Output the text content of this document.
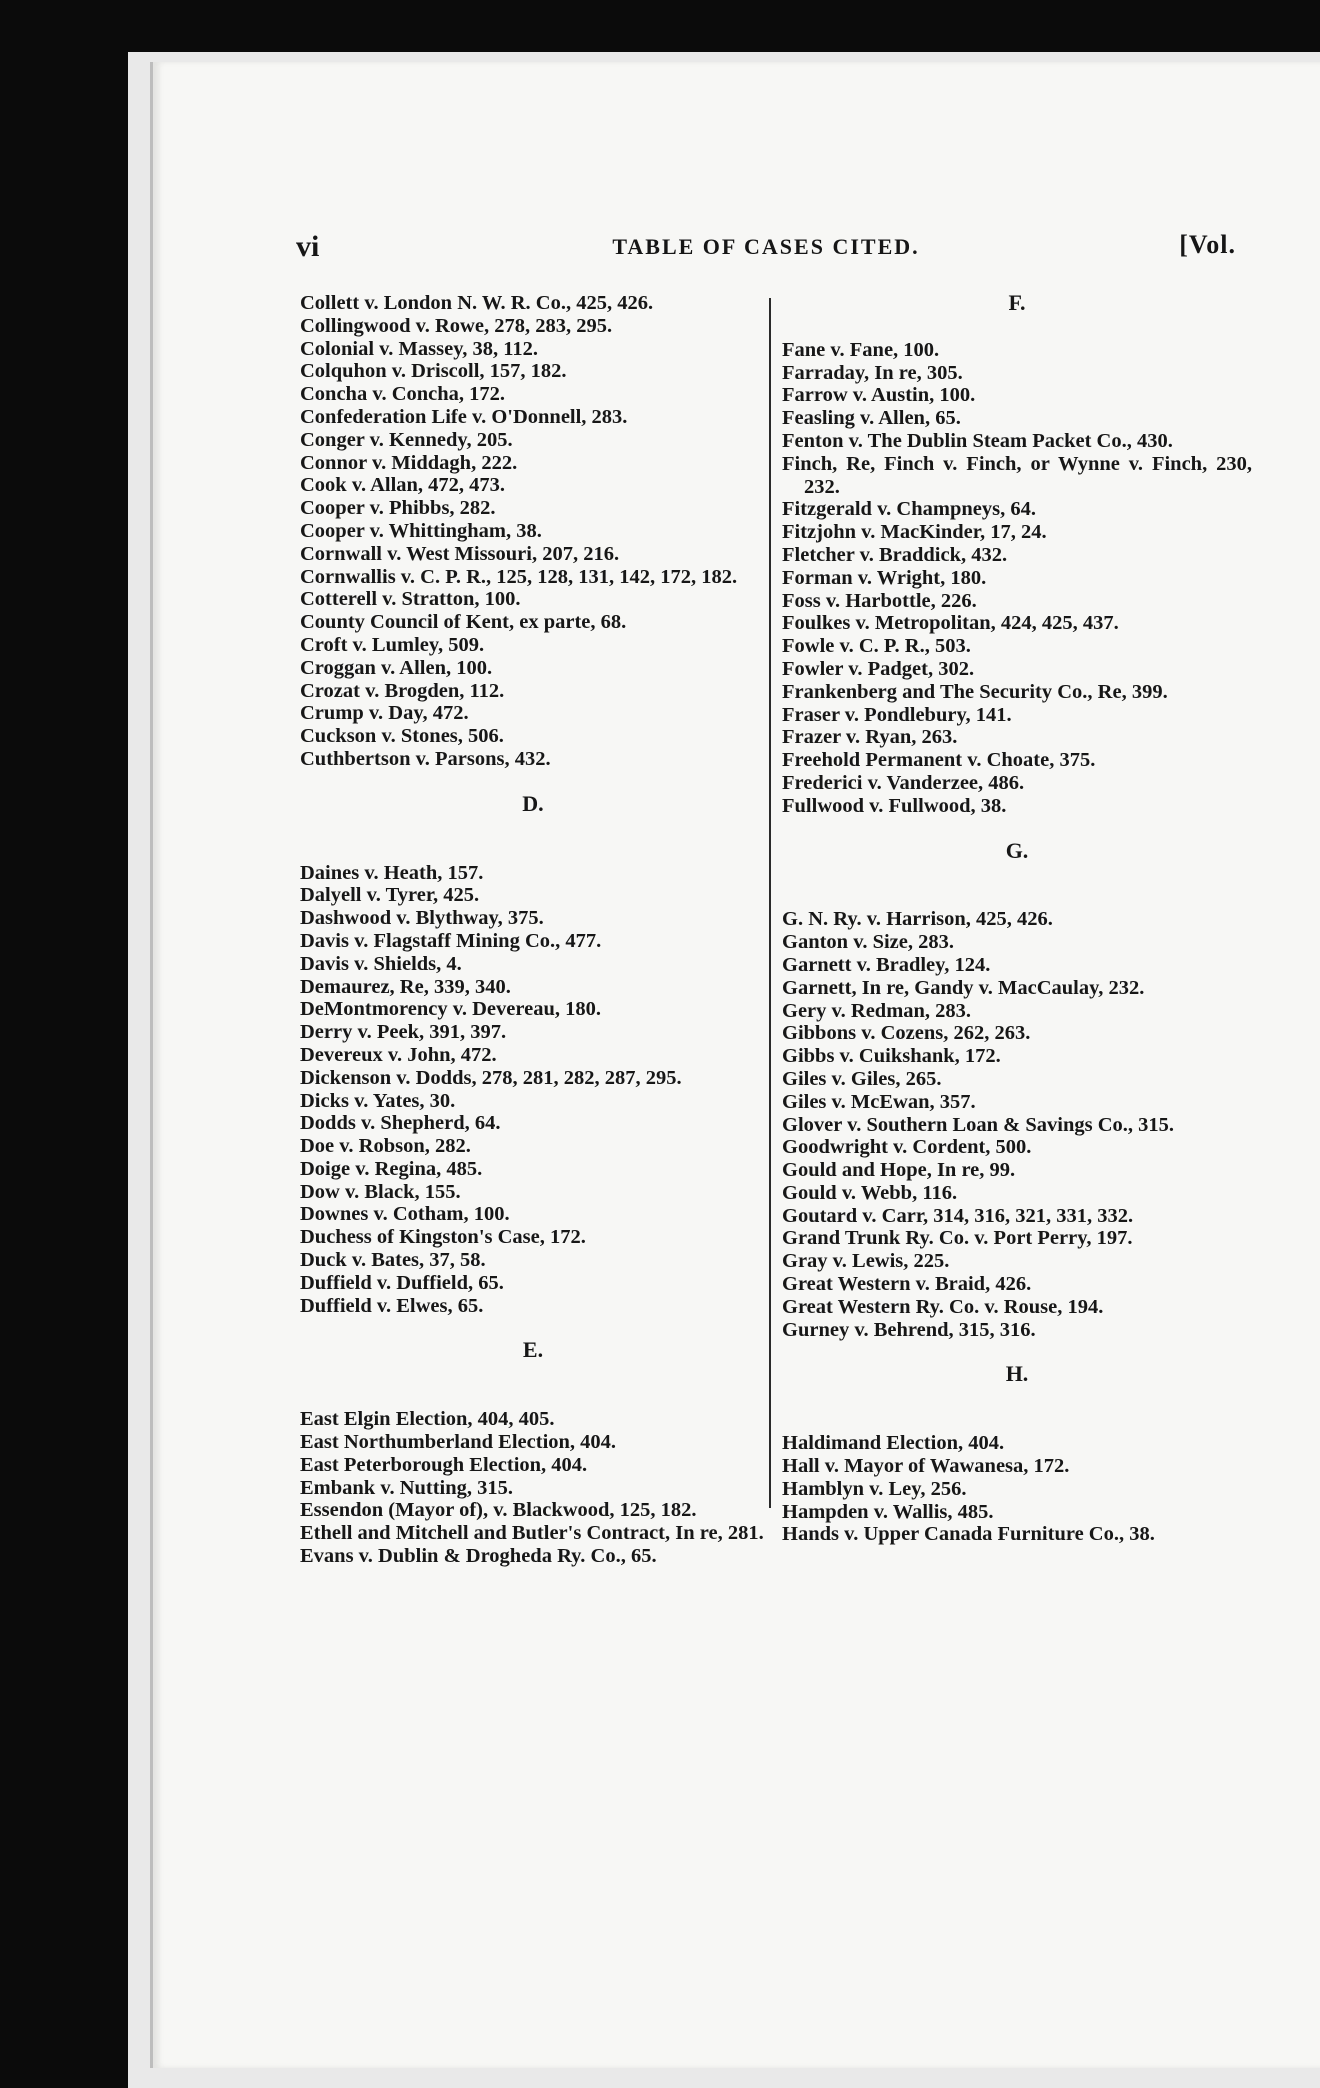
vi	TABLE OF CASES CITED.	[Vol.
Collett v. London N. W. R. Co., 425, 426.
Collingwood v. Rowe, 278, 283, 295.
Colonial v. Massey, 38, 112.
Colquhon v. Driscoll, 157, 182.
Concha v. Concha, 172.
Confederation Life v. O'Donnell, 283.
Conger v. Kennedy, 205.
Connor v. Middagh, 222.
Cook v. Allan, 472, 473.
Cooper v. Phibbs, 282.
Cooper v. Whittingham, 38.
Cornwall v. West Missouri, 207, 216.
Cornwallis v. C. P. R., 125, 128, 131, 142, 172, 182.
Cotterell v. Stratton, 100.
County Council of Kent, ex parte, 68.
Croft v. Lumley, 509.
Croggan v. Allen, 100.
Crozat v. Brogden, 112.
Crump v. Day, 472.
Cuckson v. Stones, 506.
Cuthbertson v. Parsons, 432.
D.
Daines v. Heath, 157.
Dalyell v. Tyrer, 425.
Dashwood v. Blythway, 375.
Davis v. Flagstaff Mining Co., 477.
Davis v. Shields, 4.
Demaurez, Re, 339, 340.
DeMontmorency v. Devereau, 180.
Derry v. Peek, 391, 397.
Devereux v. John, 472.
Dickenson v. Dodds, 278, 281, 282, 287, 295.
Dicks v. Yates, 30.
Dodds v. Shepherd, 64.
Doe v. Robson, 282.
Doige v. Regina, 485.
Dow v. Black, 155.
Downes v. Cotham, 100.
Duchess of Kingston's Case, 172.
Duck v. Bates, 37, 58.
Duffield v. Duffield, 65.
Duffield v. Elwes, 65.
E.
East Elgin Election, 404, 405.
East Northumberland Election, 404.
East Peterborough Election, 404.
Embank v. Nutting, 315.
Essendon (Mayor of), v. Blackwood, 125, 182.
Ethell and Mitchell and Butler's Contract, In re, 281.
Evans v. Dublin & Drogheda Ry. Co., 65.
F.
Fane v. Fane, 100.
Farraday, In re, 305.
Farrow v. Austin, 100.
Feasling v. Allen, 65.
Fenton v. The Dublin Steam Packet Co., 430.
Finch, Re, Finch v. Finch, or Wynne v. Finch, 230, 232.
Fitzgerald v. Champneys, 64.
Fitzjohn v. MacKinder, 17, 24.
Fletcher v. Braddick, 432.
Forman v. Wright, 180.
Foss v. Harbottle, 226.
Foulkes v. Metropolitan, 424, 425, 437.
Fowle v. C. P. R., 503.
Fowler v. Padget, 302.
Frankenberg and The Security Co., Re, 399.
Fraser v. Pondlebury, 141.
Frazer v. Ryan, 263.
Freehold Permanent v. Choate, 375.
Frederici v. Vanderzee, 486.
Fullwood v. Fullwood, 38.
G.
G. N. Ry. v. Harrison, 425, 426.
Ganton v. Size, 283.
Garnett v. Bradley, 124.
Garnett, In re, Gandy v. MacCaulay, 232.
Gery v. Redman, 283.
Gibbons v. Cozens, 262, 263.
Gibbs v. Cuikshank, 172.
Giles v. Giles, 265.
Giles v. McEwan, 357.
Glover v. Southern Loan & Savings Co., 315.
Goodwright v. Cordent, 500.
Gould and Hope, In re, 99.
Gould v. Webb, 116.
Goutard v. Carr, 314, 316, 321, 331, 332.
Grand Trunk Ry. Co. v. Port Perry, 197.
Gray v. Lewis, 225.
Great Western v. Braid, 426.
Great Western Ry. Co. v. Rouse, 194.
Gurney v. Behrend, 315, 316.
H.
Haldimand Election, 404.
Hall v. Mayor of Wawanesa, 172.
Hamblyn v. Ley, 256.
Hampden v. Wallis, 485.
Hands v. Upper Canada Furniture Co., 38.
